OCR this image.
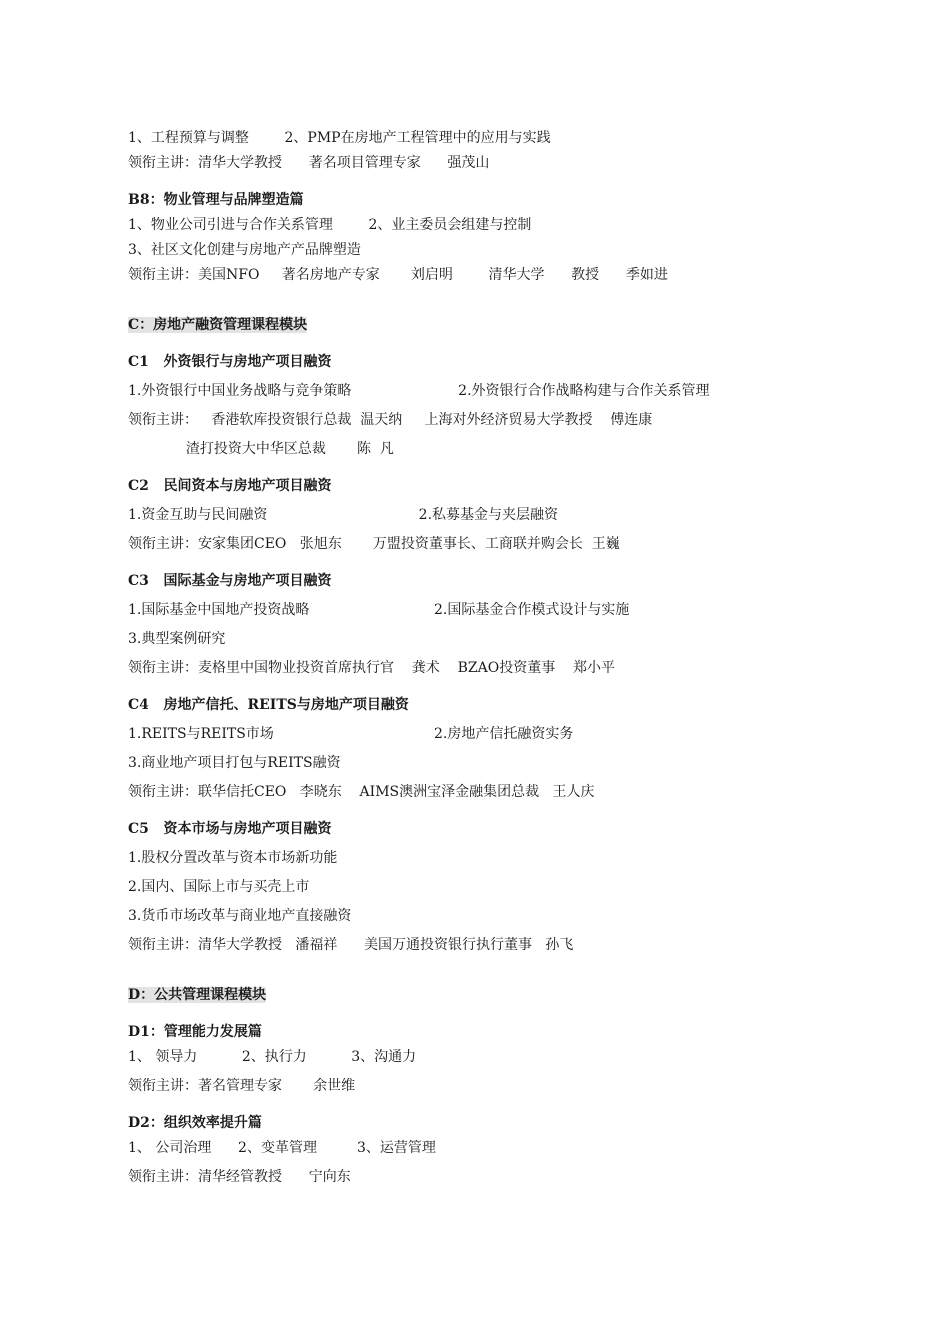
1、工程预算与调整        2、PMP在房地产工程管理中的应用与实践
领衔主讲：清华大学教授      著名项目管理专家      强茂山
B8：物业管理与品牌塑造篇
1、物业公司引进与合作关系管理        2、业主委员会组建与控制
3、社区文化创建与房地产产品牌塑造
领衔主讲：美国NFO     著名房地产专家       刘启明        清华大学      教授      季如进
C：房地产融资管理课程模块
C1   外资银行与房地产项目融资
1.外资银行中国业务战略与竞争策略                        2.外资银行合作战略构建与合作关系管理
领衔主讲：   香港软库投资银行总裁  温天纳     上海对外经济贸易大学教授    傅连康
渣打投资大中华区总裁       陈  凡
C2   民间资本与房地产项目融资
1.资金互助与民间融资                                  2.私募基金与夹层融资
领衔主讲：安家集团CEO   张旭东       万盟投资董事长、工商联并购会长  王巍
C3   国际基金与房地产项目融资
1.国际基金中国地产投资战略                            2.国际基金合作模式设计与实施
3.典型案例研究
领衔主讲：麦格里中国物业投资首席执行官    龚术    BZAO投资董事    郑小平
C4   房地产信托、REITS与房地产项目融资
1.REITS与REITS市场                                    2.房地产信托融资实务
3.商业地产项目打包与REITS融资
领衔主讲：联华信托CEO   李晓东    AIMS澳洲宝泽金融集团总裁   王人庆
C5   资本市场与房地产项目融资
1.股权分置改革与资本市场新功能
2.国内、国际上市与买壳上市
3.货币市场改革与商业地产直接融资
领衔主讲：清华大学教授   潘福祥      美国万通投资银行执行董事   孙飞
D：公共管理课程模块
D1：管理能力发展篇
1、 领导力          2、执行力          3、沟通力
领衔主讲：著名管理专家       余世维
D2：组织效率提升篇
1、 公司治理      2、变革管理         3、运营管理
领衔主讲：清华经管教授      宁向东
